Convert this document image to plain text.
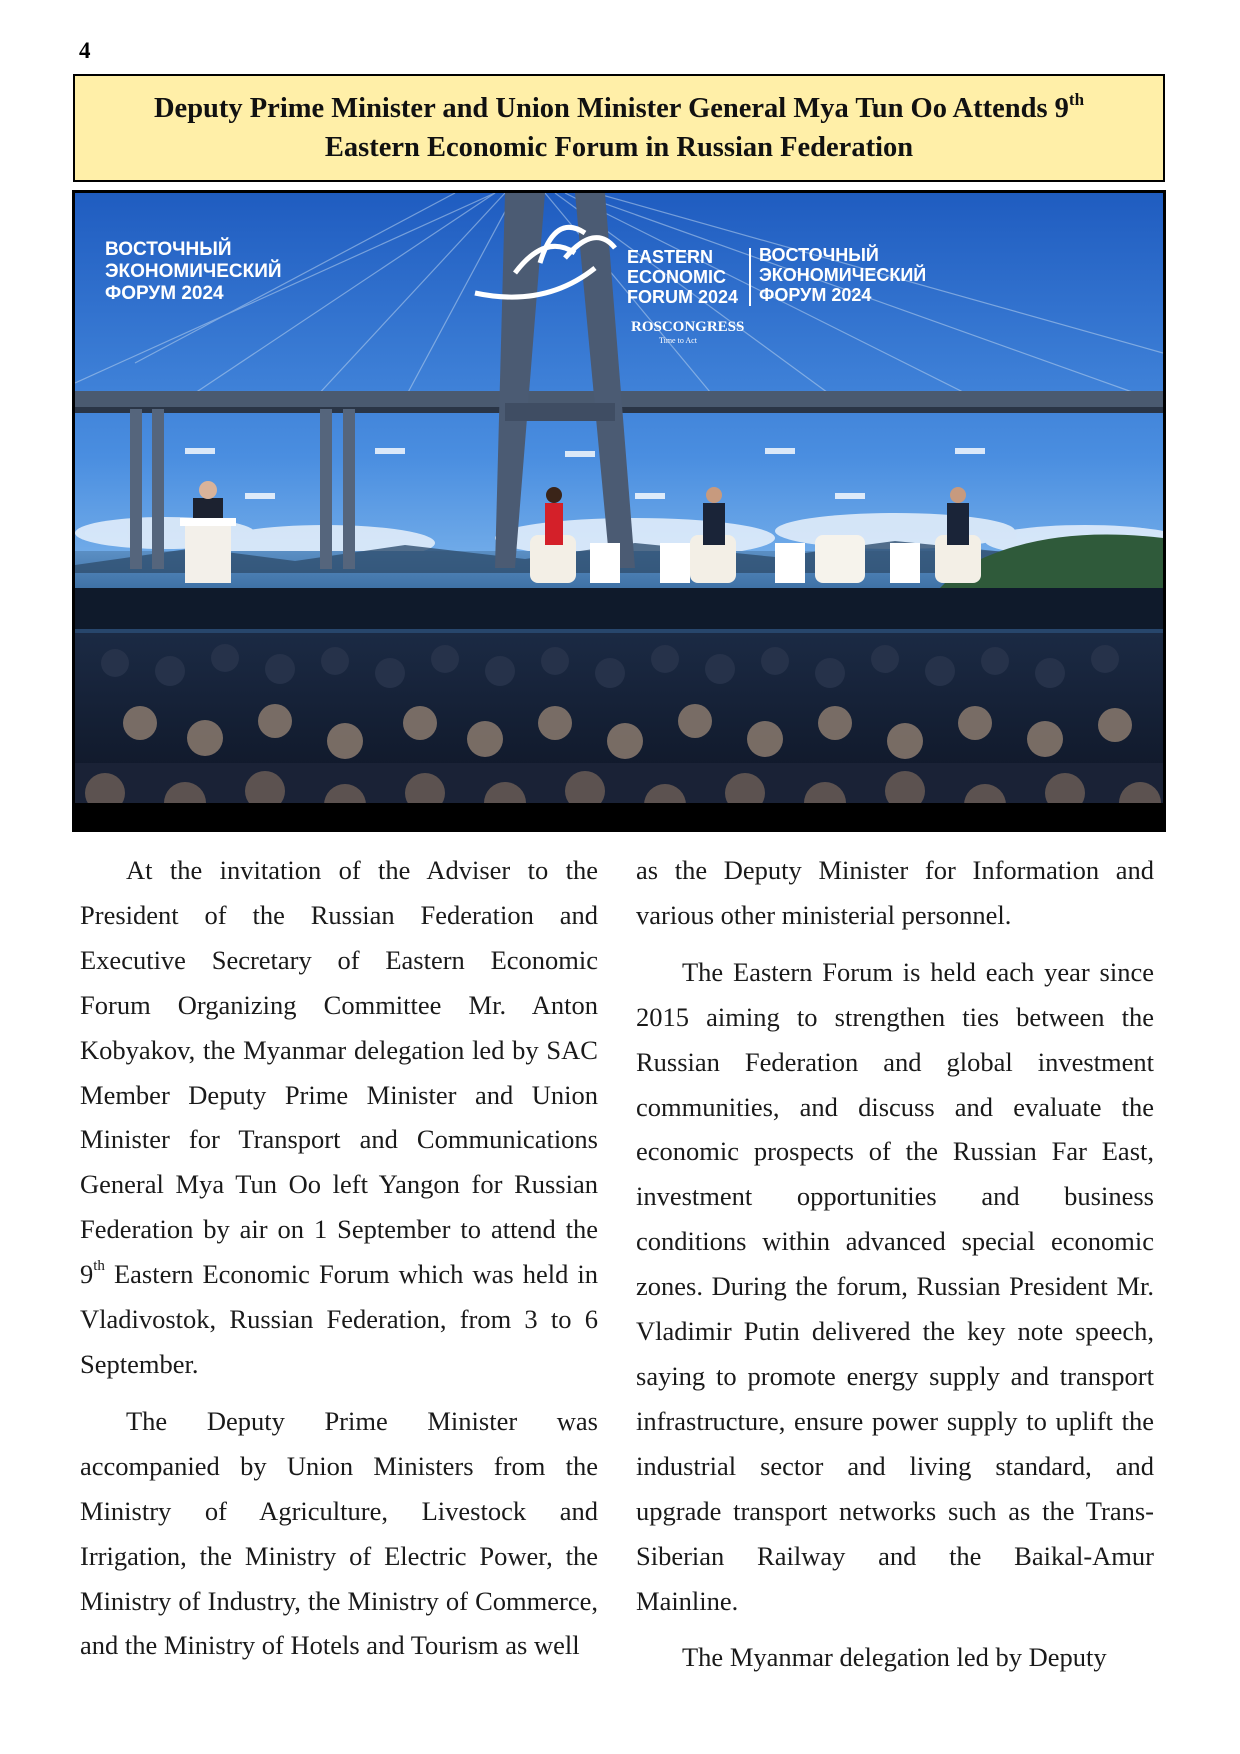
4
Deputy Prime Minister and Union Minister General Mya Tun Oo Attends 9th
Eastern Economic Forum in Russian Federation
ВОСТОЧНЫЙ
ЭКОНОМИЧЕСКИЙ
ФОРУМ 2024
EASTERN
ECONOMIC
FORUM 2024
ВОСТОЧНЫЙ
ЭКОНОМИЧЕСКИЙ
ФОРУМ 2024
ROSCONGRESS
Time to Act

At the invitation of the Adviser to the President of the Russian Federation and Executive Secretary of Eastern Economic Forum Organizing Committee Mr. Anton Kobyakov, the Myanmar delegation led by SAC Member Deputy Prime Minister and Union Minister for Transport and Communications General Mya Tun Oo left Yangon for Russian Federation by air on 1 September to attend the 9th Eastern Economic Forum which was held in Vladivostok, Russian Federation, from 3 to 6 September.

The Deputy Prime Minister was accompanied by Union Ministers from the Ministry of Agriculture, Livestock and Irrigation, the Ministry of Electric Power, the Ministry of Industry, the Ministry of Commerce, and the Ministry of Hotels and Tourism as well

as the Deputy Minister for Information and various other ministerial personnel.

The Eastern Forum is held each year since 2015 aiming to strengthen ties between the Russian Federation and global investment communities, and discuss and evaluate the economic prospects of the Russian Far East, investment opportunities and business conditions within advanced special economic zones. During the forum, Russian President Mr. Vladimir Putin delivered the key note speech, saying to promote energy supply and transport infrastructure, ensure power supply to uplift the industrial sector and living standard, and upgrade transport networks such as the Trans-Siberian Railway and the Baikal-Amur Mainline.

The Myanmar delegation led by Deputy
